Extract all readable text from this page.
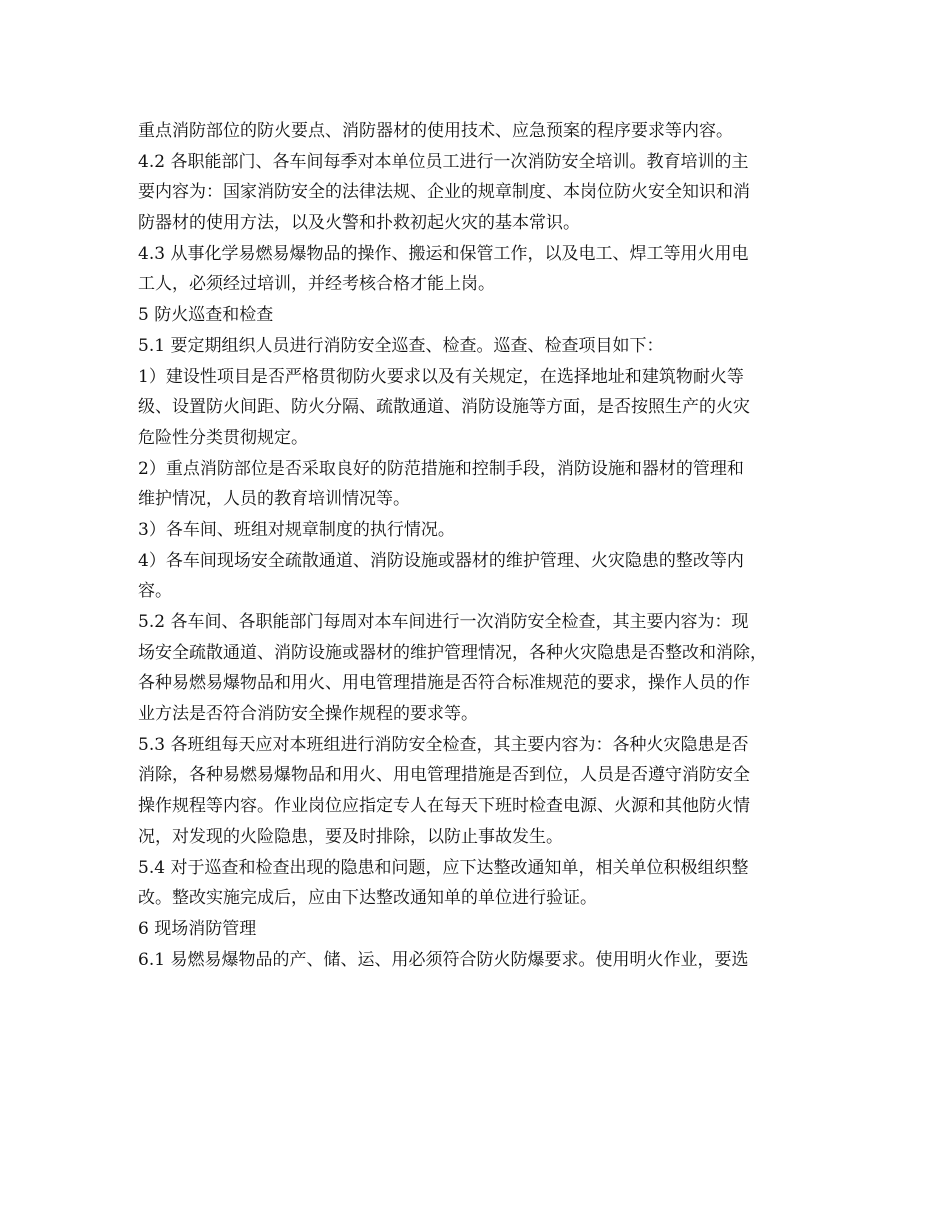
重点消防部位的防火要点、消防器材的使用技术、应急预案的程序要求等内容。
4.2 各职能部门、各车间每季对本单位员工进行一次消防安全培训。教育培训的主
要内容为：国家消防安全的法律法规、企业的规章制度、本岗位防火安全知识和消
防器材的使用方法，以及火警和扑救初起火灾的基本常识。
4.3 从事化学易燃易爆物品的操作、搬运和保管工作，以及电工、焊工等用火用电
工人，必须经过培训，并经考核合格才能上岗。
5 防火巡查和检查
5.1 要定期组织人员进行消防安全巡查、检查。巡查、检查项目如下：
1）建设性项目是否严格贯彻防火要求以及有关规定，在选择地址和建筑物耐火等
级、设置防火间距、防火分隔、疏散通道、消防设施等方面，是否按照生产的火灾
危险性分类贯彻规定。
2）重点消防部位是否采取良好的防范措施和控制手段，消防设施和器材的管理和
维护情况，人员的教育培训情况等。
3）各车间、班组对规章制度的执行情况。
4）各车间现场安全疏散通道、消防设施或器材的维护管理、火灾隐患的整改等内
容。
5.2 各车间、各职能部门每周对本车间进行一次消防安全检查，其主要内容为：现
场安全疏散通道、消防设施或器材的维护管理情况，各种火灾隐患是否整改和消除，
各种易燃易爆物品和用火、用电管理措施是否符合标准规范的要求，操作人员的作
业方法是否符合消防安全操作规程的要求等。
5.3 各班组每天应对本班组进行消防安全检查，其主要内容为：各种火灾隐患是否
消除，各种易燃易爆物品和用火、用电管理措施是否到位，人员是否遵守消防安全
操作规程等内容。作业岗位应指定专人在每天下班时检查电源、火源和其他防火情
况，对发现的火险隐患，要及时排除，以防止事故发生。
5.4 对于巡查和检查出现的隐患和问题，应下达整改通知单，相关单位积极组织整
改。整改实施完成后，应由下达整改通知单的单位进行验证。
6 现场消防管理
6.1 易燃易爆物品的产、储、运、用必须符合防火防爆要求。使用明火作业，要选
